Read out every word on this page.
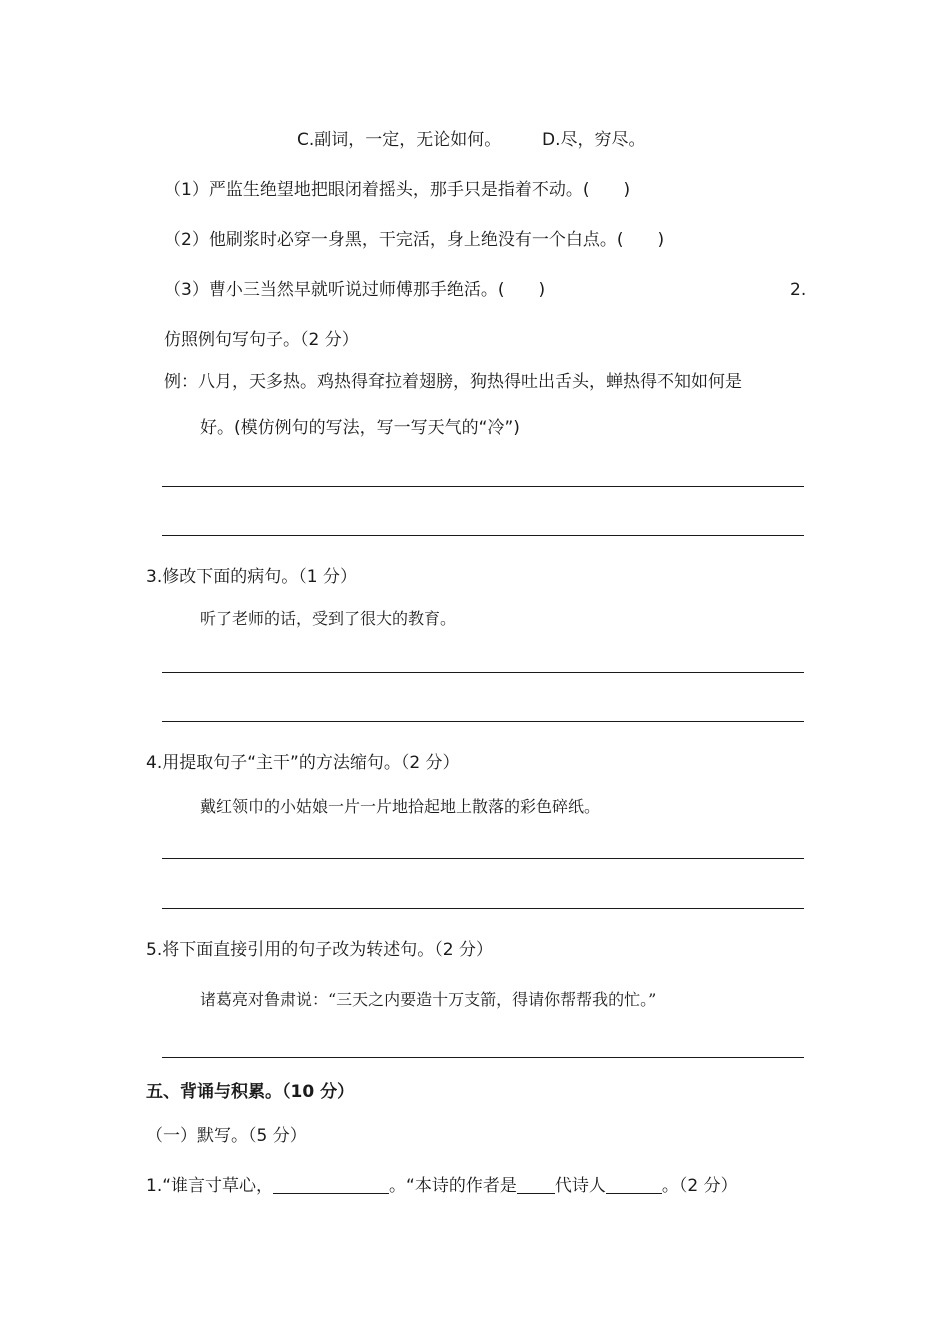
C.副词，一定，无论如何。 D.尽，穷尽。
（1）严监生绝望地把眼闭着摇头，那手只是指着不动。(　　)
（2）他刷浆时必穿一身黑，干完活，身上绝没有一个白点。(　　)
（3）曹小三当然早就听说过师傅那手绝活。(　　)	2.
仿照例句写句子。（2 分）
例：八月，天多热。鸡热得耷拉着翅膀，狗热得吐出舌头，蝉热得不知如何是
好。(模仿例句的写法，写一写天气的“冷”)
3.修改下面的病句。（1 分）
听了老师的话，受到了很大的教育。
4.用提取句子“主干”的方法缩句。（2 分）
戴红领巾的小姑娘一片一片地拾起地上散落的彩色碎纸。
5.将下面直接引用的句子改为转述句。（2 分）
诸葛亮对鲁肃说：“三天之内要造十万支箭，得请你帮帮我的忙。”
五、背诵与积累。（10 分）
（一）默写。（5 分）
1.“谁言寸草心，	。“本诗的作者是 代诗人	。（2 分）
